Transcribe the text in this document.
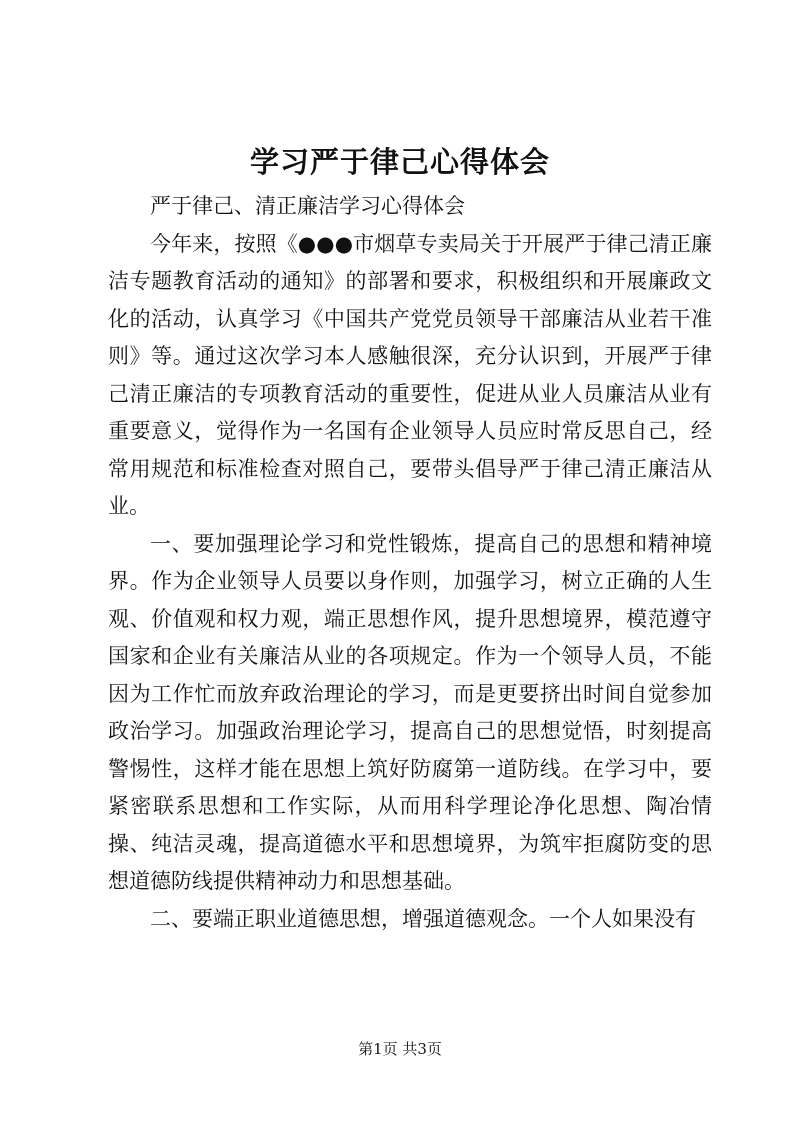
学习严于律己心得体会

严于律己、清正廉洁学习心得体会

今年来，按照《●●●市烟草专卖局关于开展严于律己清正廉洁专题教育活动的通知》的部署和要求，积极组织和开展廉政文化的活动，认真学习《中国共产党党员领导干部廉洁从业若干准则》等。通过这次学习本人感触很深，充分认识到，开展严于律己清正廉洁的专项教育活动的重要性，促进从业人员廉洁从业有重要意义，觉得作为一名国有企业领导人员应时常反思自己，经常用规范和标准检查对照自己，要带头倡导严于律己清正廉洁从业。

一、要加强理论学习和党性锻炼，提高自己的思想和精神境界。作为企业领导人员要以身作则，加强学习，树立正确的人生观、价值观和权力观，端正思想作风，提升思想境界，模范遵守国家和企业有关廉洁从业的各项规定。作为一个领导人员，不能因为工作忙而放弃政治理论的学习，而是更要挤出时间自觉参加政治学习。加强政治理论学习，提高自己的思想觉悟，时刻提高警惕性，这样才能在思想上筑好防腐第一道防线。在学习中，要紧密联系思想和工作实际，从而用科学理论净化思想、陶冶情操、纯洁灵魂，提高道德水平和思想境界，为筑牢拒腐防变的思想道德防线提供精神动力和思想基础。

二、要端正职业道德思想，增强道德观念。一个人如果没有

第1页 共3页
